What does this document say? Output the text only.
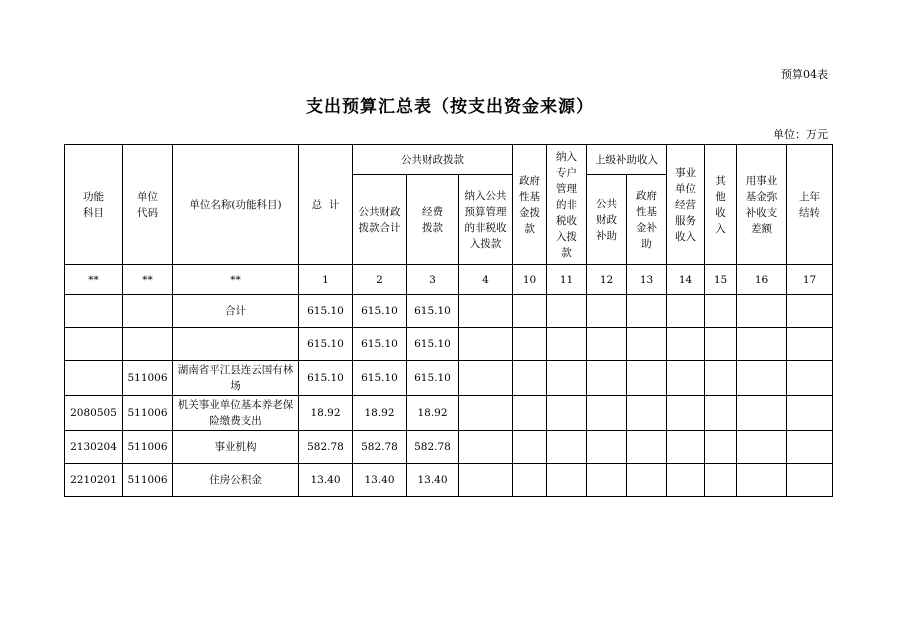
预算04表
支出预算汇总表（按支出资金来源）
单位：万元
功能科目	单位代码	单位名称(功能科目)	总  计	公共财政拨款			政府性基金拨款	纳入专户管理的非税收入拨款	上级补助收入		事业单位经营服务收入	其他收入	用事业基金弥补收支差额	上年结转

				公共财政拨款合计	经费拨款	纳入公共预算管理的非税收入拨款			公共财政补助	政府性基金补助				

**	**	**	1	2	3	4	10	11	12	13	14	15	16	17
		合计	615.10	615.10	615.10									
			615.10	615.10	615.10									
	511006	湖南省平江县连云国有林场	615.10	615.10	615.10									
2080505	511006	机关事业单位基本养老保险缴费支出	18.92	18.92	18.92									
2130204	511006	事业机构	582.78	582.78	582.78									
2210201	511006	住房公积金	13.40	13.40	13.40									
